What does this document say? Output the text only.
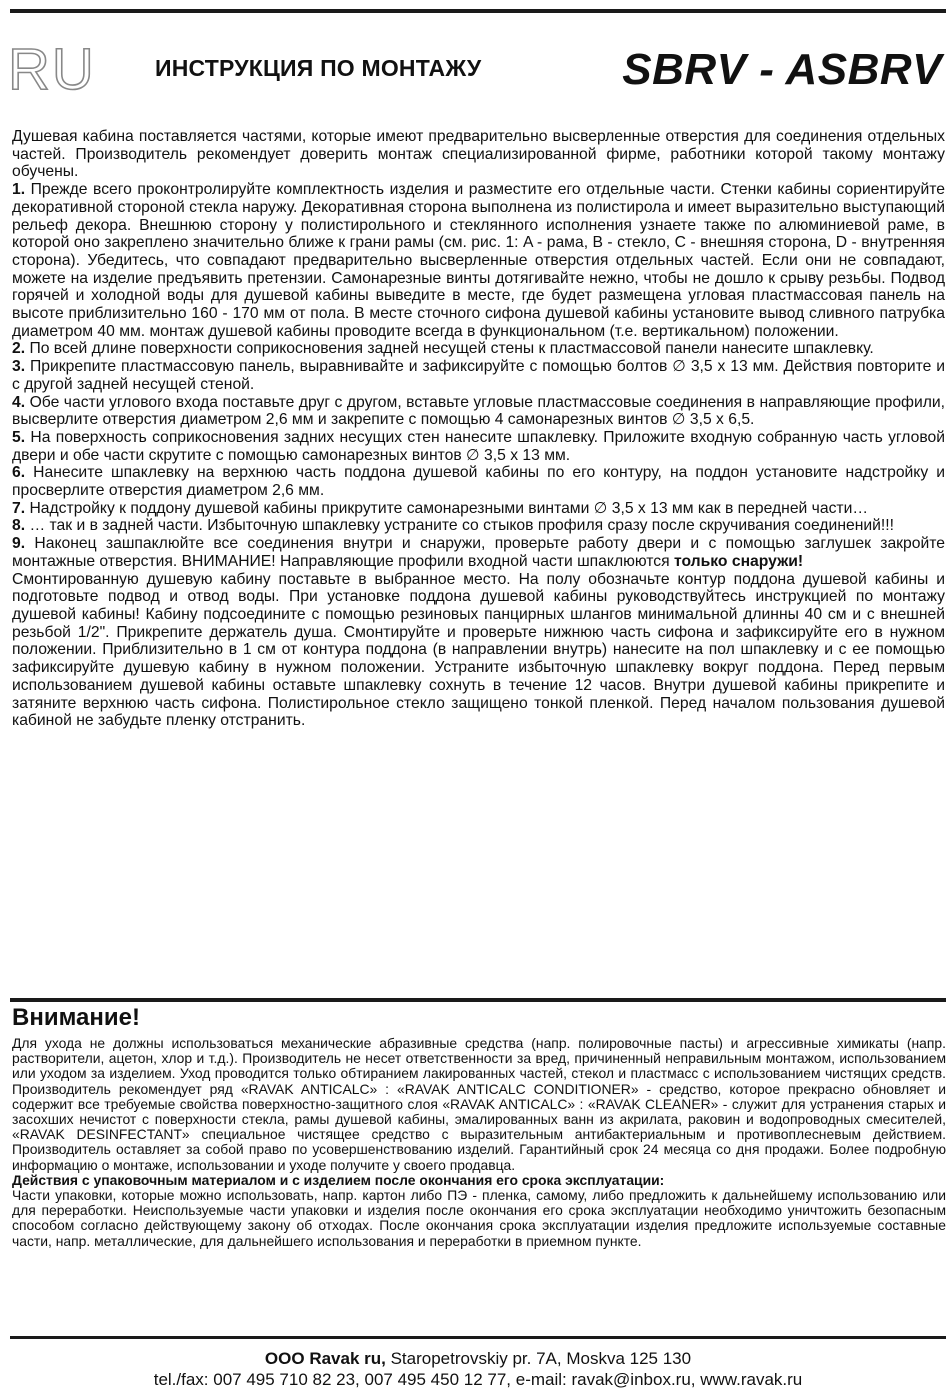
RU	ИНСТРУКЦИЯ ПО МОНТАЖУ	SBRV - ASBRV

Душевая кабина поставляется частями, которые имеют предварительно высверленные отверстия для соединения отдельных частей. Производитель рекомендует доверить монтаж специализированной фирме, работники которой такому монтажу обучены.

1. Прежде всего проконтролируйте комплектность изделия и разместите его отдельные части. Стенки кабины сориентируйте декоративной стороной стекла наружу. Декоративная сторона выполнена из полистирола и имеет выразительно выступающий рельеф декора. Внешнюю сторону у полистирольного и стеклянного исполнения узнаете также по алюминиевой раме, в которой оно закреплено значительно ближе к грани рамы (см. рис. 1: A - рама, B - стекло, C - внешняя сторона, D - внутренняя сторона). Убедитесь, что совпадают предварительно высверленные отверстия отдельных частей. Если они не совпадают, можете на изделие предъявить претензии. Самонарезные винты дотягивайте нежно, чтобы не дошло к срыву резьбы. Подвод горячей и холодной воды для душевой кабины выведите в месте, где будет размещена угловая пластмассовая панель на высоте приблизительно 160 - 170 мм от пола. В месте сточного сифона душевой кабины установите вывод сливного патрубка диаметром 40 мм. монтаж душевой кабины проводите всегда в функциональном (т.е. вертикальном) положении.

2. По всей длине поверхности соприкосновения задней несущей стены к пластмассовой панели нанесите шпаклевку.

3. Прикрепите пластмассовую панель, выравнивайте и зафиксируйте с помощью болтов ∅ 3,5 х 13 мм. Действия повторите и с другой задней несущей стеной.

4. Обе части углового входа поставьте друг с другом, вставьте угловые пластмассовые соединения в направляющие профили, высверлите отверстия диаметром 2,6 мм и закрепите с помощью 4 самонарезных винтов ∅ 3,5 х 6,5.

5. На поверхность соприкосновения задних несущих стен нанесите шпаклевку. Приложите входную собранную часть угловой двери и обе части скрутите с помощью самонарезных винтов ∅ 3,5 х 13 мм.

6. Нанесите шпаклевку на верхнюю часть поддона душевой кабины по его контуру, на поддон установите надстройку и просверлите отверстия диаметром 2,6 мм.

7. Надстройку к поддону душевой кабины прикрутите самонарезными винтами ∅ 3,5 х 13 мм как в передней части…

8. … так и в задней части. Избыточную шпаклевку устраните со стыков профиля сразу после скручивания соединений!!!

9. Наконец зашпаклюйте все соединения внутри и снаружи, проверьте работу двери и с помощью заглушек закройте монтажные отверстия. ВНИМАНИЕ! Направляющие профили входной части шпаклюются только снаружи!

Смонтированную душевую кабину поставьте в выбранное место. На полу обозначьте контур поддона душевой кабины и подготовьте подвод и отвод воды. При установке поддона душевой кабины руководствуйтесь инструкцией по монтажу душевой кабины! Кабину подсоедините с помощью резиновых панцирных шлангов минимальной длинны 40 см и с внешней резьбой 1/2". Прикрепите держатель душа. Смонтируйте и проверьте нижнюю часть сифона и зафиксируйте его в нужном положении. Приблизительно в 1 см от контура поддона (в направлении внутрь) нанесите на пол шпаклевку и с ее помощью зафиксируйте душевую кабину в нужном положении. Устраните избыточную шпаклевку вокруг поддона. Перед первым использованием душевой кабины оставьте шпаклевку сохнуть в течение 12 часов. Внутри душевой кабины прикрепите и затяните верхнюю часть сифона. Полистирольное стекло защищено тонкой пленкой. Перед началом пользования душевой кабиной не забудьте пленку отстранить.

Внимание!

Для ухода не должны использоваться механические абразивные средства (напр. полировочные пасты) и агрессивные химикаты (напр. растворители, ацетон, хлор и т.д.). Производитель не несет ответственности за вред, причиненный неправильным монтажом, использованием или уходом за изделием. Уход проводится только обтиранием лакированных частей, стекол и пластмасс с использованием чистящих средств. Производитель рекомендует ряд «RAVAK ANTICALC» : «RAVAK ANTICALC CONDITIONER» - средство, которое прекрасно обновляет и содержит все требуемые свойства поверхностно-защитного слоя «RAVAK ANTICALC» : «RAVAK CLEANER» - служит для устранения старых и засохших нечистот с поверхности стекла, рамы душевой кабины, эмалированных ванн из акрилата, раковин и водопроводных смесителей, «RAVAK DESINFECTANT» специальное чистящее средство с выразительным антибактериальным и противоплесневым действием. Производитель оставляет за собой право по усовершенствованию изделий. Гарантийный срок 24 месяца со дня продажи. Более подробную информацию о монтаже, использовании и уходе получите у своего продавца.

Действия с упаковочным материалом и с изделием после окончания его срока эксплуатации:

Части упаковки, которые можно использовать, напр. картон либо ПЭ - пленка, самому, либо предложить к дальнейшему использованию или для переработки. Неиспользуемые части упаковки и изделия после окончания его срока эксплуатации необходимо уничтожить безопасным способом согласно действующему закону об отходах. После окончания срока эксплуатации изделия предложите используемые составные части, напр. металлические, для дальнейшего использования и переработки в приемном пункте.

OOO Ravak ru, Staropetrovskiy pr. 7A, Moskva 125 130
tel./fax: 007 495 710 82 23, 007 495 450 12 77, e-mail: ravak@inbox.ru, www.ravak.ru
